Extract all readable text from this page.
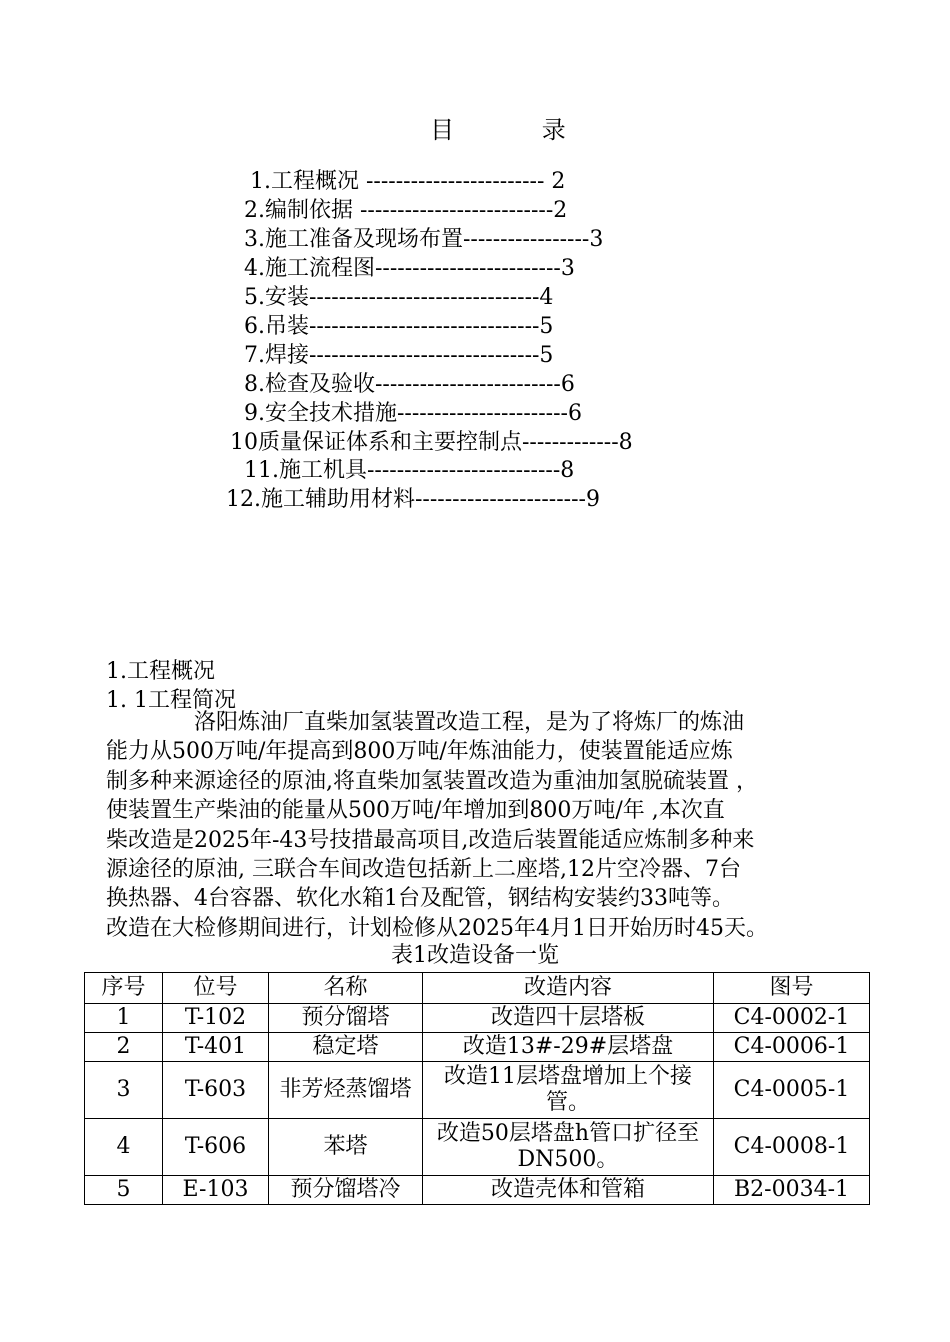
目 录
1.工程概况 ------------------------ 2
2.编制依据 --------------------------2
3.施工准备及现场布置-----------------3
4.施工流程图-------------------------3
5.安装-------------------------------4
6.吊装-------------------------------5
7.焊接-------------------------------5
8.检查及验收-------------------------6
9.安全技术措施-----------------------6
10质量保证体系和主要控制点-------------8
11.施工机具--------------------------8
12.施工辅助用材料-----------------------9
1.工程概况
1. 1工程简况
　　　　洛阳炼油厂直柴加氢装置改造工程，是为了将炼厂的炼油
能力从500万吨/年提高到800万吨/年炼油能力，使装置能适应炼
制多种来源途径的原油,将直柴加氢装置改造为重油加氢脱硫装置 ，
使装置生产柴油的能量从500万吨/年增加到800万吨/年 ,本次直
柴改造是2025年-43号技措最高项目,改造后装置能适应炼制多种来
源途径的原油, 三联合车间改造包括新上二座塔,12片空冷器、7台
换热器、4台容器、软化水箱1台及配管，钢结构安装约33吨等。
改造在大检修期间进行，计划检修从2025年4月1日开始历时45天。
表1改造设备一览
序号	位号	名称	改造内容	图号
1	T-102	预分馏塔	改造四十层塔板	C4-0002-1
2	T-401	稳定塔	改造13#-29#层塔盘	C4-0006-1
3	T-603	非芳烃蒸馏塔	改造11层塔盘增加上个接管。	C4-0005-1
4	T-606	苯塔	改造50层塔盘h管口扩径至DN500。	C4-0008-1
5	E-103	预分馏塔冷	改造壳体和管箱	B2-0034-1
